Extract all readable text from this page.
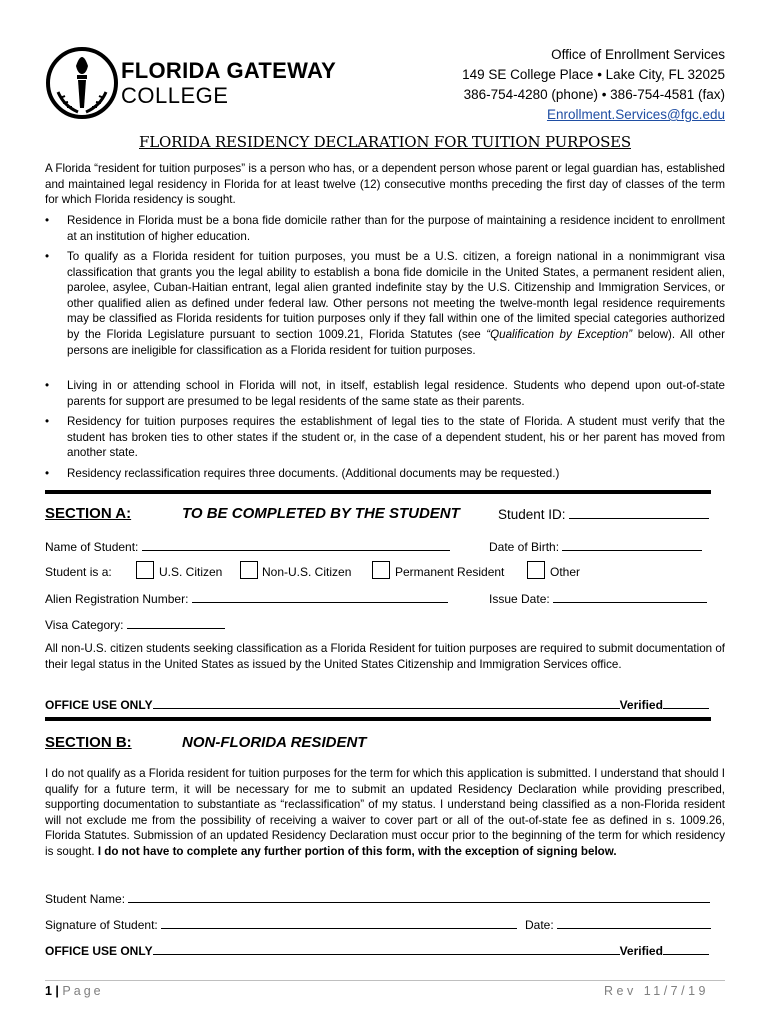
FLORIDA GATEWAY
COLLEGE
Office of Enrollment Services
149 SE College Place • Lake City, FL 32025
386-754-4280 (phone) • 386-754-4581 (fax)
Enrollment.Services@fgc.edu
FLORIDA RESIDENCY DECLARATION FOR TUITION PURPOSES
A Florida “resident for tuition purposes” is a person who has, or a dependent person whose parent or legal guardian has, established and maintained legal residency in Florida for at least twelve (12) consecutive months preceding the first day of classes of the term for which Florida residency is sought.
• Residence in Florida must be a bona fide domicile rather than for the purpose of maintaining a residence incident to enrollment at an institution of higher education.
• To qualify as a Florida resident for tuition purposes, you must be a U.S. citizen, a foreign national in a nonimmigrant visa classification that grants you the legal ability to establish a bona fide domicile in the United States, a permanent resident alien, parolee, asylee, Cuban-Haitian entrant, legal alien granted indefinite stay by the U.S. Citizenship and Immigration Services, or other qualified alien as defined under federal law. Other persons not meeting the twelve-month legal residence requirements may be classified as Florida residents for tuition purposes only if they fall within one of the limited special categories authorized by the Florida Legislature pursuant to section 1009.21, Florida Statutes (see “Qualification by Exception” below). All other persons are ineligible for classification as a Florida resident for tuition purposes.
• Living in or attending school in Florida will not, in itself, establish legal residence. Students who depend upon out-of-state parents for support are presumed to be legal residents of the same state as their parents.
• Residency for tuition purposes requires the establishment of legal ties to the state of Florida. A student must verify that the student has broken ties to other states if the student or, in the case of a dependent student, his or her parent has moved from another state.
• Residency reclassification requires three documents. (Additional documents may be requested.)
SECTION A:	TO BE COMPLETED BY THE STUDENT	Student ID:
Name of Student:	Date of Birth:
Student is a:	U.S. Citizen	Non-U.S. Citizen	Permanent Resident	Other
Alien Registration Number:	Issue Date:
Visa Category:
All non-U.S. citizen students seeking classification as a Florida Resident for tuition purposes are required to submit documentation of their legal status in the United States as issued by the United States Citizenship and Immigration Services office.
OFFICE USE ONLY	Verified
SECTION B:	NON-FLORIDA RESIDENT
I do not qualify as a Florida resident for tuition purposes for the term for which this application is submitted. I understand that should I qualify for a future term, it will be necessary for me to submit an updated Residency Declaration while providing prescribed, supporting documentation to substantiate as “reclassification” of my status. I understand being classified as a non-Florida resident will not exclude me from the possibility of receiving a waiver to cover part or all of the out-of-state fee as defined in s. 1009.26, Florida Statutes. Submission of an updated Residency Declaration must occur prior to the beginning of the term for which residency is sought. I do not have to complete any further portion of this form, with the exception of signing below.
Student Name:
Signature of Student:	Date:
OFFICE USE ONLY	Verified
1 | Page	Rev 11/7/19
